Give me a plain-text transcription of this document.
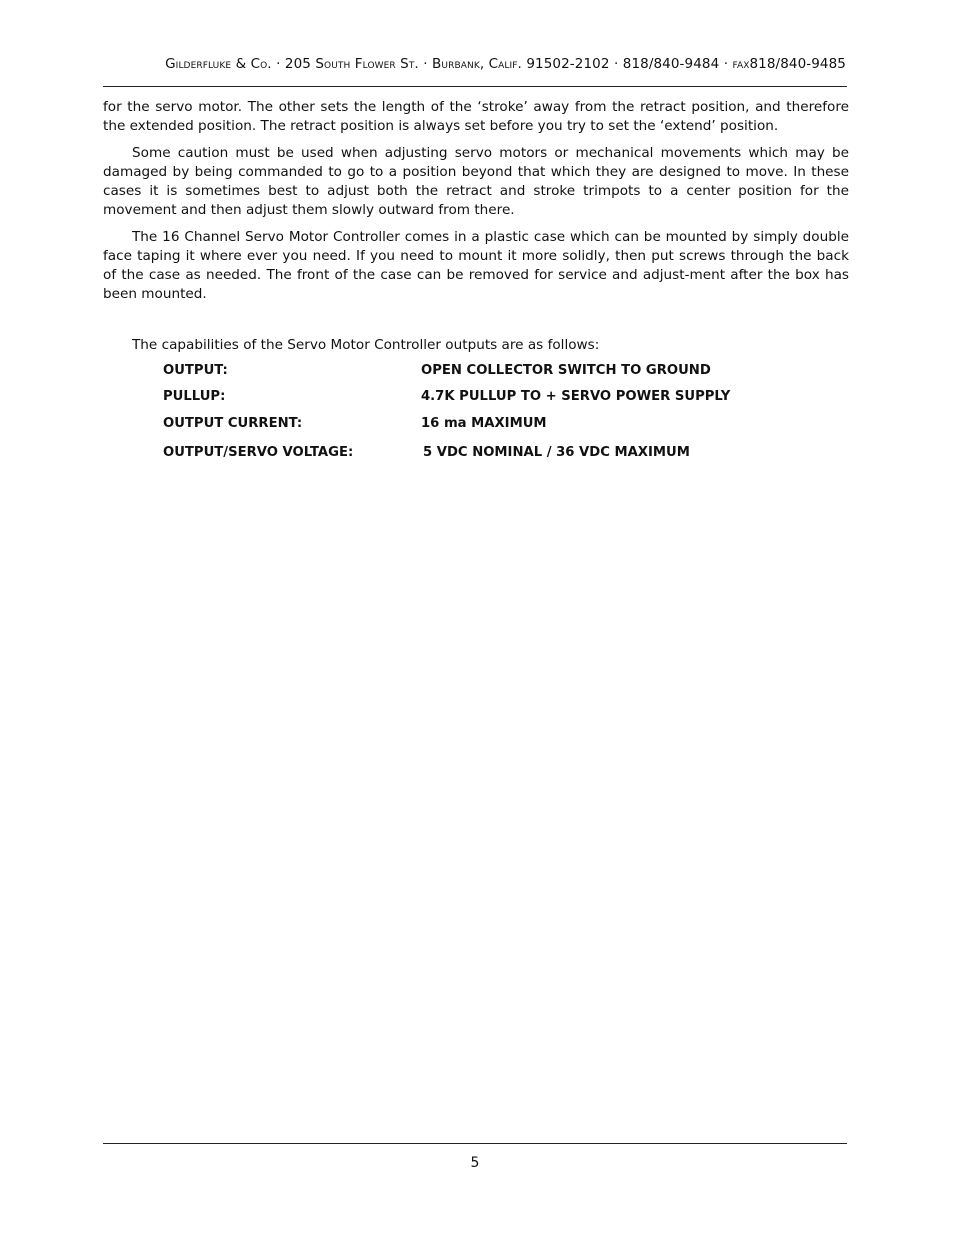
Gilderfluke & Co. · 205 South Flower St. · Burbank, Calif. 91502-2102 · 818/840-9484 · fax818/840-9485

for the servo motor. The other sets the length of the ‘stroke’ away from the retract position, and therefore the extended position. The retract position is always set before you try to set the ‘extend’ position.

Some caution must be used when adjusting servo motors or mechanical movements which may be damaged by being commanded to go to a position beyond that which they are designed to move. In these cases it is sometimes best to adjust both the retract and stroke trimpots to a center position for the movement and then adjust them slowly outward from there.

The 16 Channel Servo Motor Controller comes in a plastic case which can be mounted by simply double face taping it where ever you need. If you need to mount it more solidly, then put screws through the back of the case as needed. The front of the case can be removed for service and adjust-ment after the box has been mounted.

The capabilities of the Servo Motor Controller outputs are as follows:
OUTPUT:	OPEN COLLECTOR SWITCH TO GROUND
PULLUP:	4.7K PULLUP TO + SERVO POWER SUPPLY
OUTPUT CURRENT:	16 ma MAXIMUM
OUTPUT/SERVO VOLTAGE:	5 VDC NOMINAL / 36 VDC MAXIMUM
5
